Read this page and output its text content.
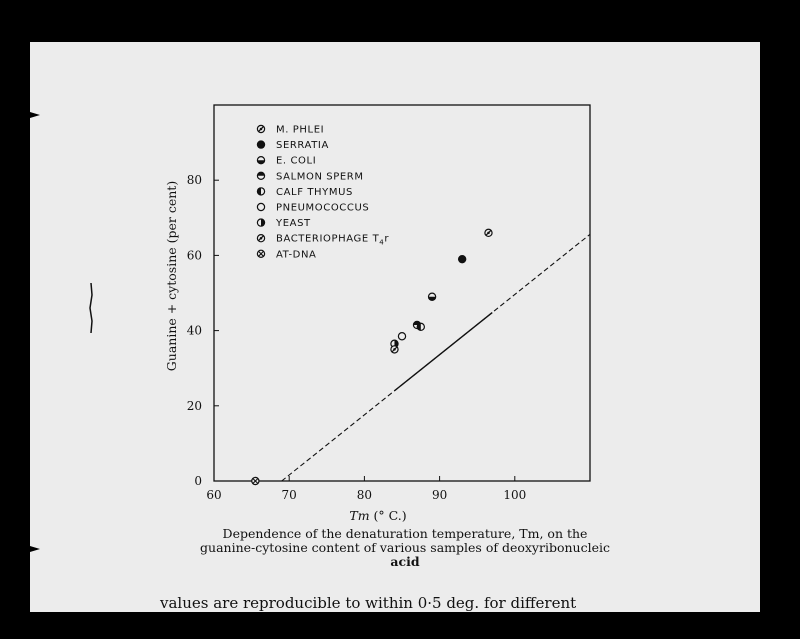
60	70	80	90	100
0
20
40
60
80
M. PHLEI
SERRATIA
E. COLI
SALMON SPERM
CALF THYMUS
PNEUMOCOCCUS
YEAST
BACTERIOPHAGE $T_4r$
AT-DNA
Guanine + cytosine (per cent)
Tm (° C.)
Dependence of the denaturation temperature, Tm, on the
guanine-cytosine content of various samples of deoxyribonucleic
acid
values are reproducible to within 0·5 deg. for different
